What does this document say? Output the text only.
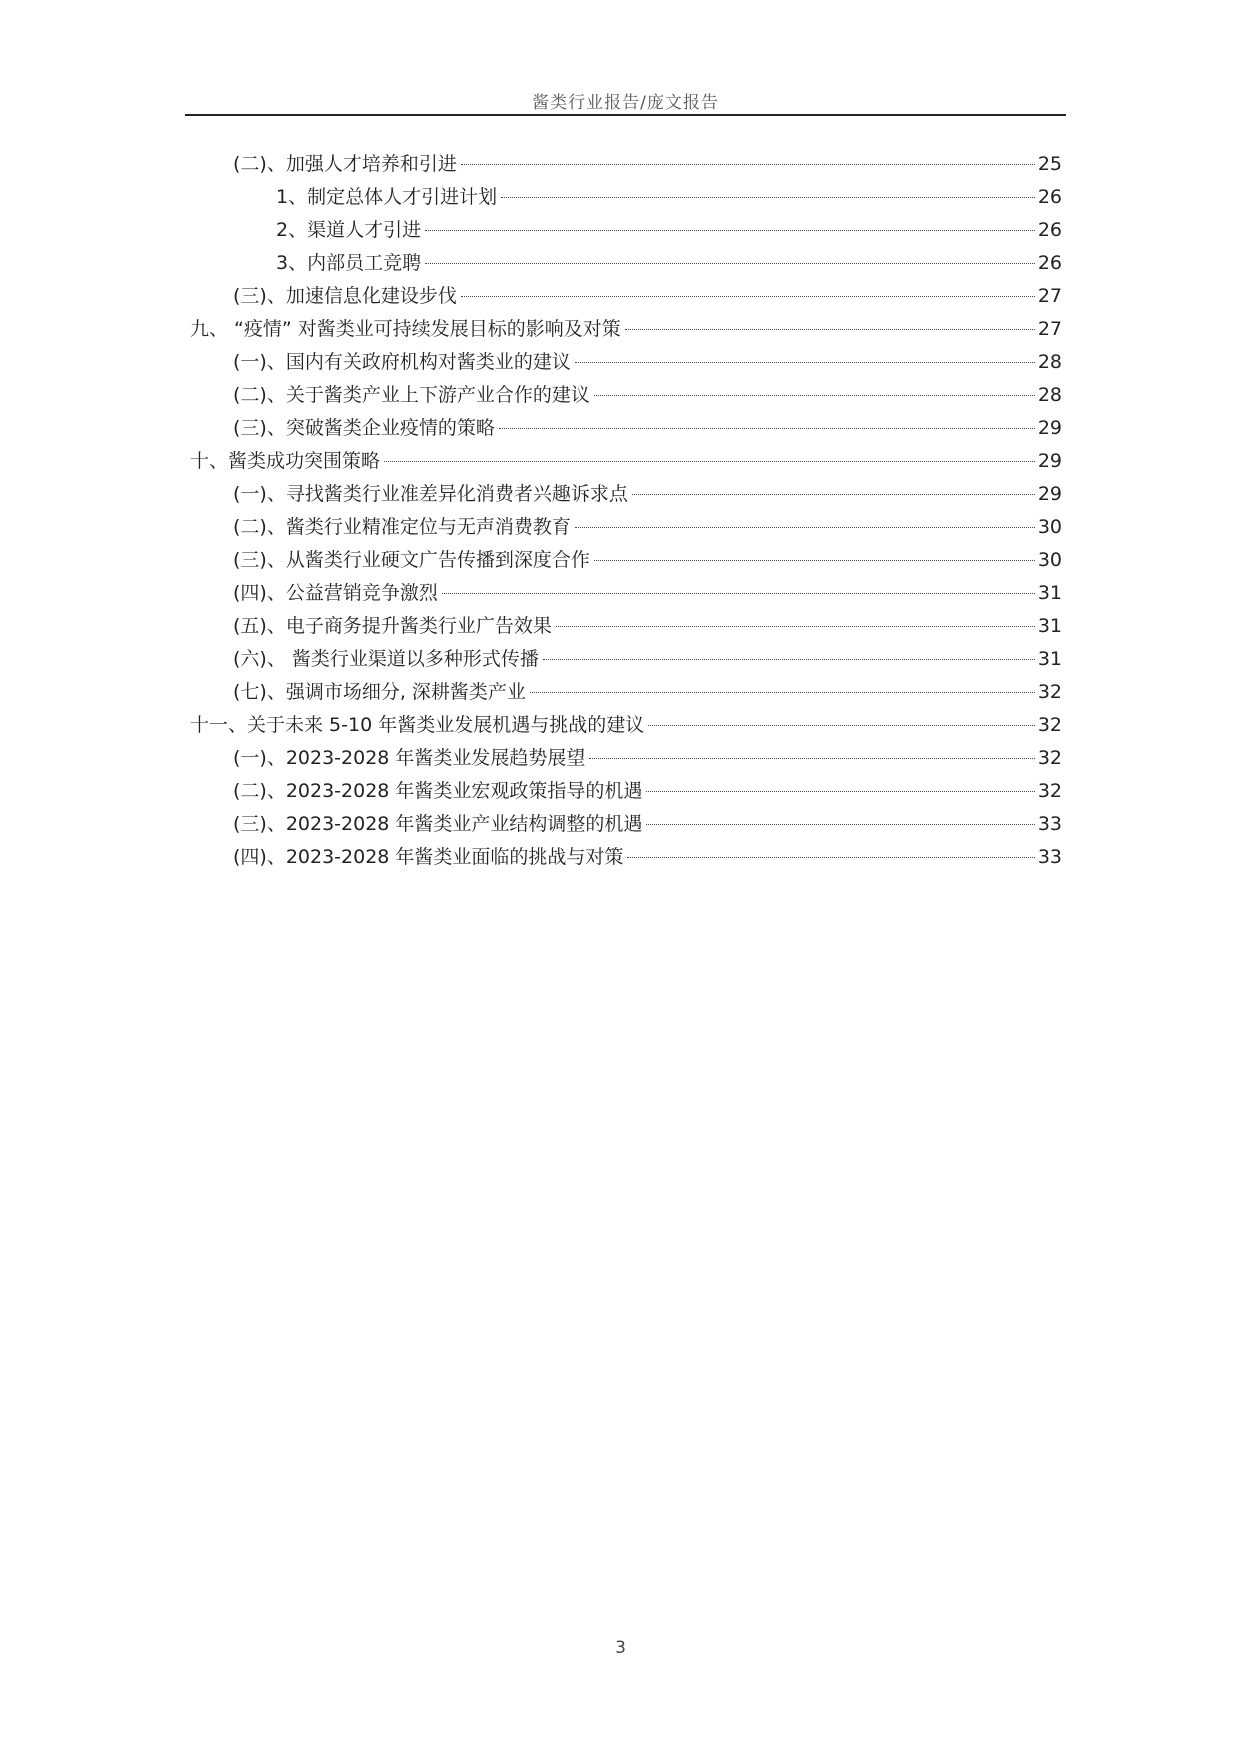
酱类行业报告/庞文报告
(二)、加强人才培养和引进	25
1、制定总体人才引进计划	26
2、渠道人才引进	26
3、内部员工竞聘	26
(三)、加速信息化建设步伐	27
九、 “疫情” 对酱类业可持续发展目标的影响及对策	27
(一)、国内有关政府机构对酱类业的建议	28
(二)、关于酱类产业上下游产业合作的建议	28
(三)、突破酱类企业疫情的策略	29
十、酱类成功突围策略	29
(一)、寻找酱类行业准差异化消费者兴趣诉求点	29
(二)、酱类行业精准定位与无声消费教育	30
(三)、从酱类行业硬文广告传播到深度合作	30
(四)、公益营销竞争激烈	31
(五)、电子商务提升酱类行业广告效果	31
(六)、 酱类行业渠道以多种形式传播	31
(七)、强调市场细分, 深耕酱类产业	32
十一、关于未来 5-10 年酱类业发展机遇与挑战的建议	32
(一)、2023-2028 年酱类业发展趋势展望	32
(二)、2023-2028 年酱类业宏观政策指导的机遇	32
(三)、2023-2028 年酱类业产业结构调整的机遇	33
(四)、2023-2028 年酱类业面临的挑战与对策	33
3
